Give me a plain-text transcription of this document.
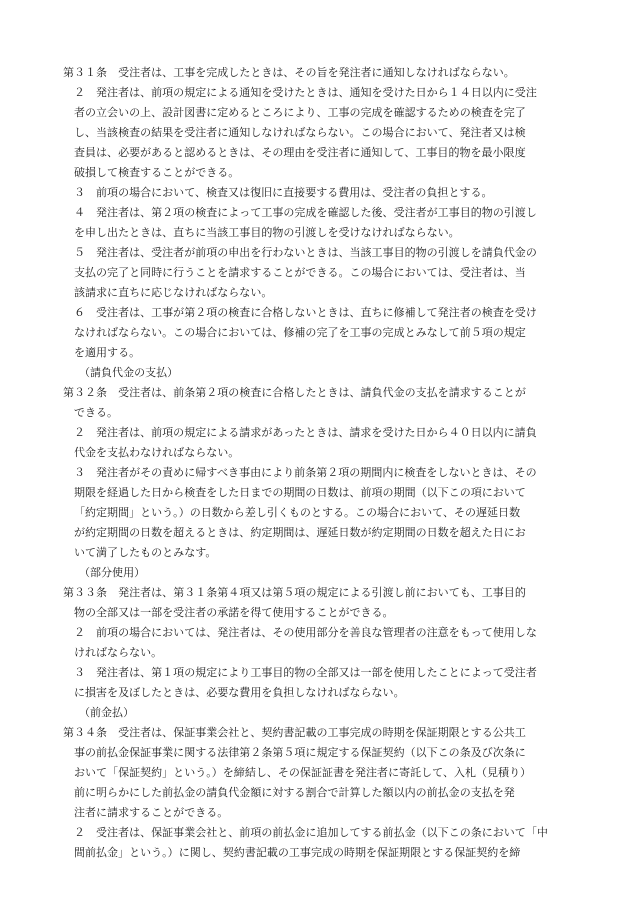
第３１条　受注者は、工事を完成したときは、その旨を発注者に通知しなければならない。
２　発注者は、前項の規定による通知を受けたときは、通知を受けた日から１４日以内に受注
者の立会いの上、設計図書に定めるところにより、工事の完成を確認するための検査を完了
し、当該検査の結果を受注者に通知しなければならない。この場合において、発注者又は検
査員は、必要があると認めるときは、その理由を受注者に通知して、工事目的物を最小限度
破損して検査することができる。
３　前項の場合において、検査又は復旧に直接要する費用は、受注者の負担とする。
４　発注者は、第２項の検査によって工事の完成を確認した後、受注者が工事目的物の引渡し
を申し出たときは、直ちに当該工事目的物の引渡しを受けなければならない。
５　発注者は、受注者が前項の申出を行わないときは、当該工事目的物の引渡しを請負代金の
支払の完了と同時に行うことを請求することができる。この場合においては、受注者は、当
該請求に直ちに応じなければならない。
６　受注者は、工事が第２項の検査に合格しないときは、直ちに修補して発注者の検査を受け
なければならない。この場合においては、修補の完了を工事の完成とみなして前５項の規定
を適用する。
（請負代金の支払）
第３２条　受注者は、前条第２項の検査に合格したときは、請負代金の支払を請求することが
できる。
２　発注者は、前項の規定による請求があったときは、請求を受けた日から４０日以内に請負
代金を支払わなければならない。
３　発注者がその責めに帰すべき事由により前条第２項の期間内に検査をしないときは、その
期限を経過した日から検査をした日までの期間の日数は、前項の期間（以下この項において
「約定期間」という。）の日数から差し引くものとする。この場合において、その遅延日数
が約定期間の日数を超えるときは、約定期間は、遅延日数が約定期間の日数を超えた日にお
いて満了したものとみなす。
（部分使用）
第３３条　発注者は、第３１条第４項又は第５項の規定による引渡し前においても、工事目的
物の全部又は一部を受注者の承諾を得て使用することができる。
２　前項の場合においては、発注者は、その使用部分を善良な管理者の注意をもって使用しな
ければならない。
３　発注者は、第１項の規定により工事目的物の全部又は一部を使用したことによって受注者
に損害を及ぼしたときは、必要な費用を負担しなければならない。
（前金払）
第３４条　受注者は、保証事業会社と、契約書記載の工事完成の時期を保証期限とする公共工
事の前払金保証事業に関する法律第２条第５項に規定する保証契約（以下この条及び次条に
おいて「保証契約」という。）を締結し、その保証証書を発注者に寄託して、入札（見積り）
前に明らかにした前払金の請負代金額に対する割合で計算した額以内の前払金の支払を発
注者に請求することができる。
２　受注者は、保証事業会社と、前項の前払金に追加してする前払金（以下この条において「中
間前払金」という。）に関し、契約書記載の工事完成の時期を保証期限とする保証契約を締
